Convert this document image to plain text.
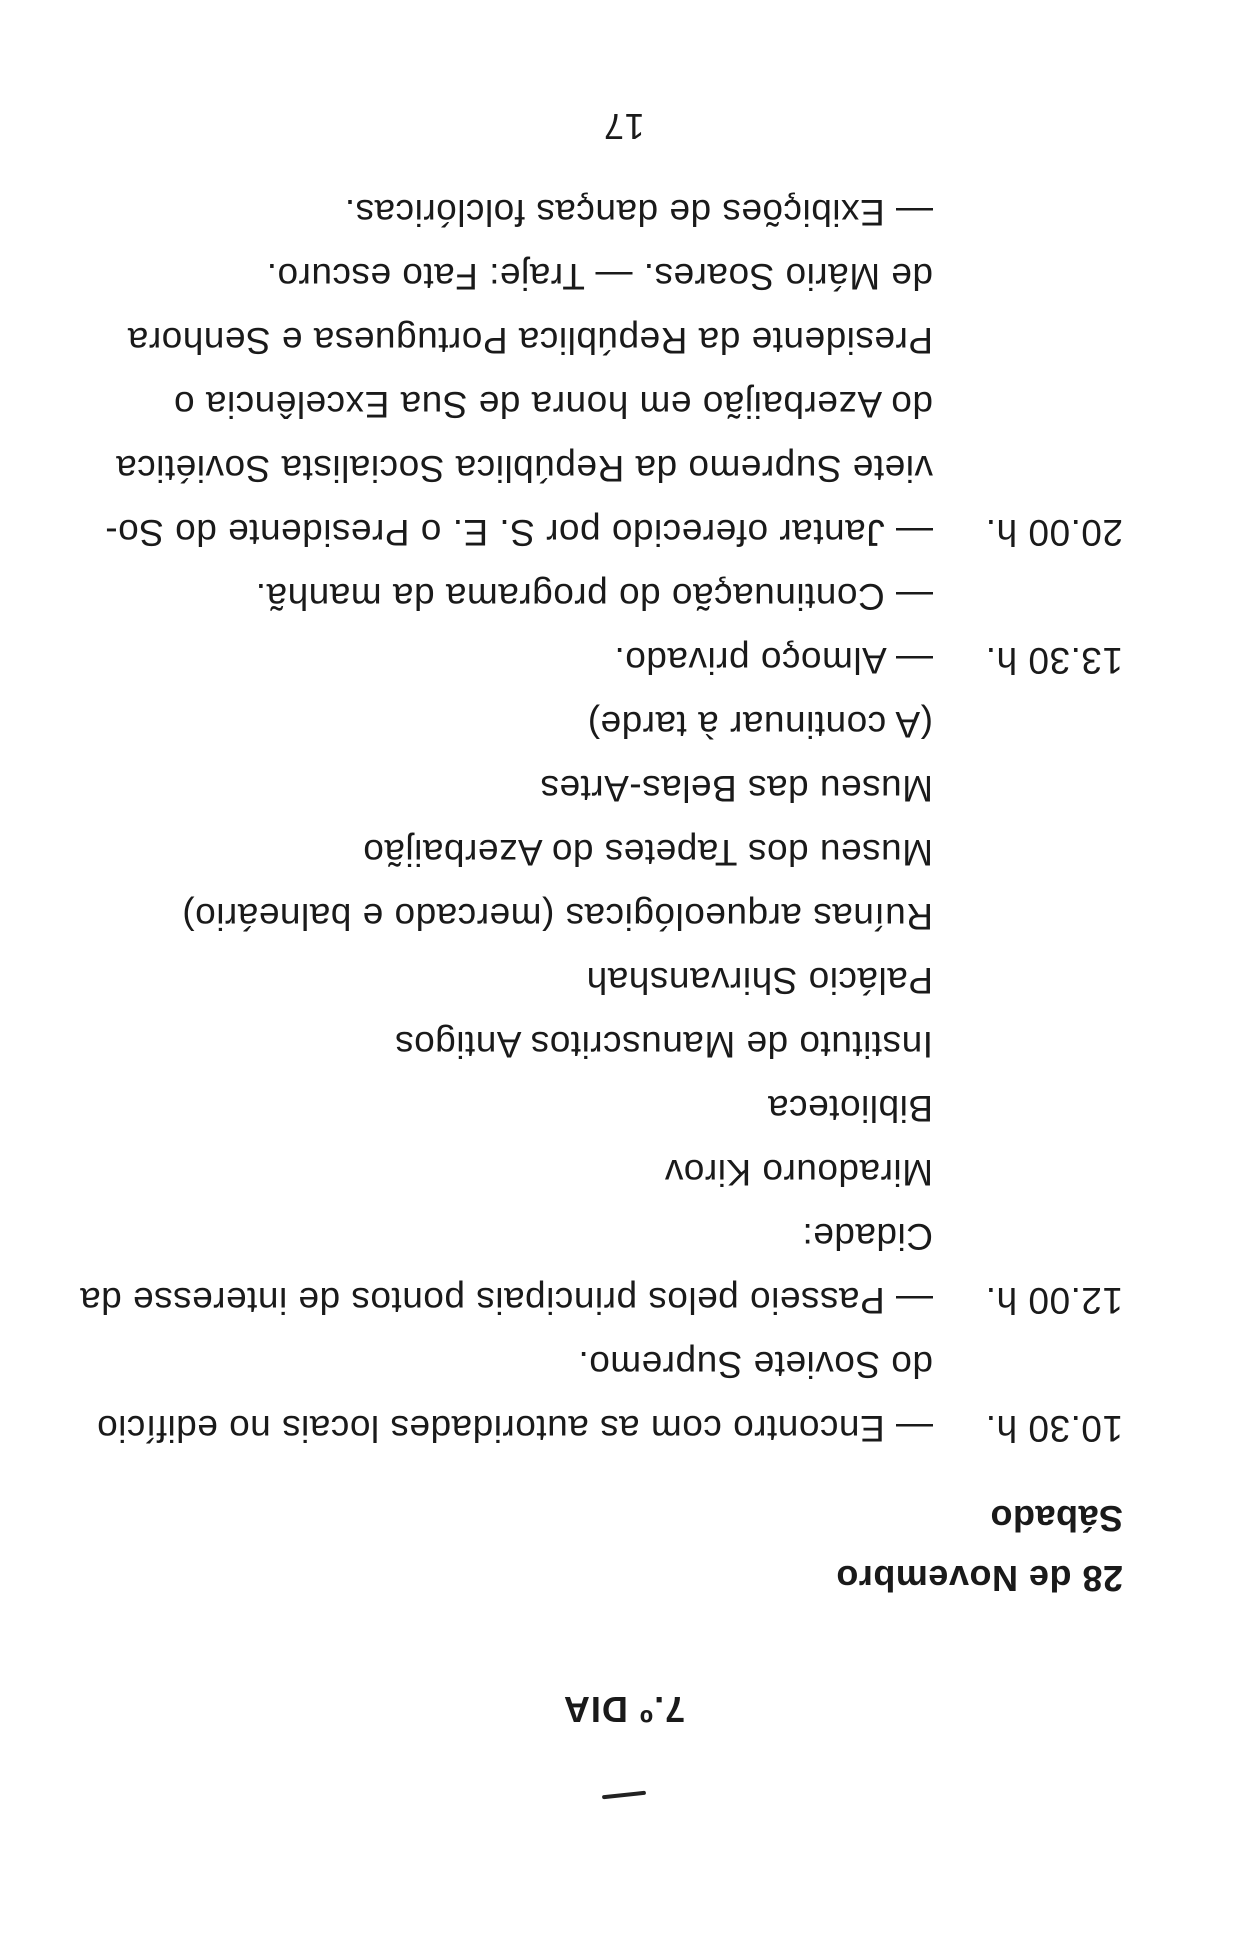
7.º DIA
28 de Novembro
Sábado
10.30 h.— Encontro com as autoridades locais no edifício
do Soviete Supremo.
12.00 h.— Passeio pelos principais pontos de interesse da
Cidade:
Miradouro Kirov
Biblioteca
Instituto de Manuscritos Antigos
Palácio Shirvanshah
Ruínas arqueológicas (mercado e balneário)
Museu dos Tapetes do Azerbaijão
Museu das Belas-Artes
(A continuar à tarde)
13.30 h.— Almoço privado.
— Continuação do programa da manhã.
20.00 h.— Jantar oferecido por S. E. o Presidente do So-
viete Supremo da República Socialista Soviética
do Azerbaijão em honra de Sua Excelência o
Presidente da República Portuguesa e Senhora
de Mário Soares. — Traje: Fato escuro.
— Exibições de danças folclóricas.
17
